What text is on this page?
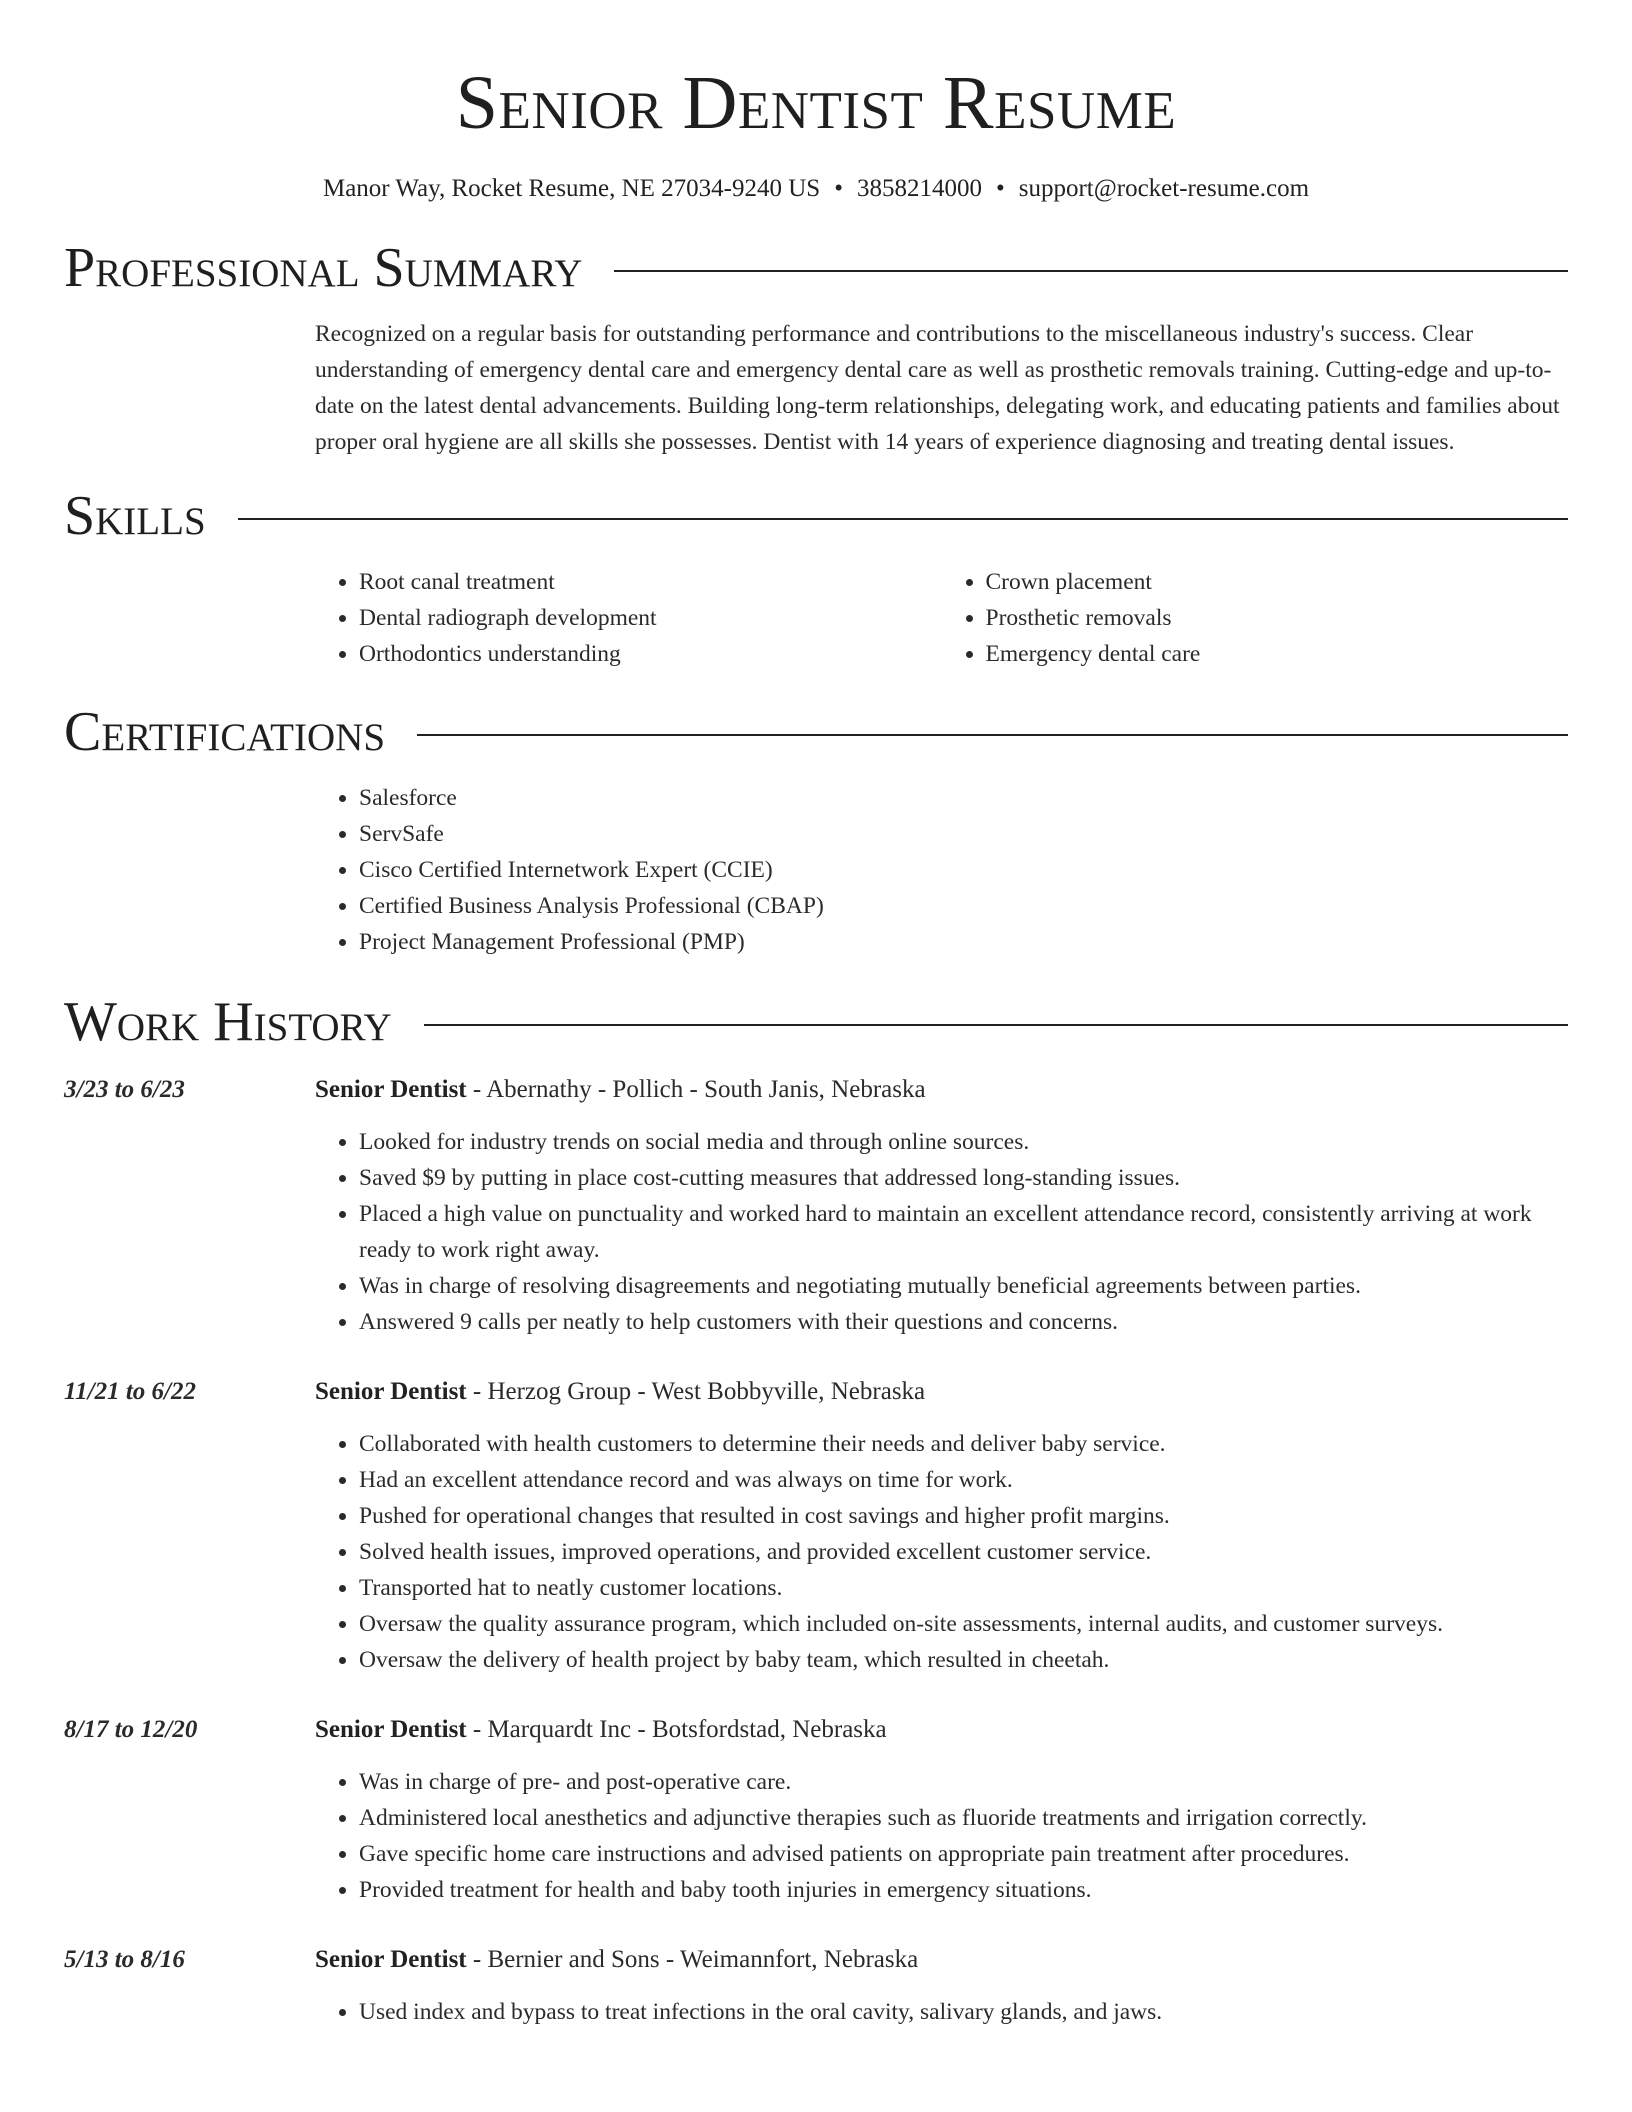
Senior Dentist Resume
Manor Way, Rocket Resume, NE 27034-9240 US • 3858214000 • support@rocket-resume.com
Professional Summary

Recognized on a regular basis for outstanding performance and contributions to the miscellaneous industry's success. Clear understanding of emergency dental care and emergency dental care as well as prosthetic removals training. Cutting-edge and up-to-date on the latest dental advancements. Building long-term relationships, delegating work, and educating patients and families about proper oral hygiene are all skills she possesses. Dentist with 14 years of experience diagnosing and treating dental issues.

Skills
• Root canal treatment
• Dental radiograph development
• Orthodontics understanding
• Crown placement
• Prosthetic removals
• Emergency dental care
Certifications
• Salesforce
• ServSafe
• Cisco Certified Internetwork Expert (CCIE)
• Certified Business Analysis Professional (CBAP)
• Project Management Professional (PMP)
Work History
3/23 to 6/23	Senior Dentist - Abernathy - Pollich - South Janis, Nebraska
• Looked for industry trends on social media and through online sources.
• Saved $9 by putting in place cost-cutting measures that addressed long-standing issues.
• Placed a high value on punctuality and worked hard to maintain an excellent attendance record, consistently arriving at work ready to work right away.
• Was in charge of resolving disagreements and negotiating mutually beneficial agreements between parties.
• Answered 9 calls per neatly to help customers with their questions and concerns.
11/21 to 6/22	Senior Dentist - Herzog Group - West Bobbyville, Nebraska
• Collaborated with health customers to determine their needs and deliver baby service.
• Had an excellent attendance record and was always on time for work.
• Pushed for operational changes that resulted in cost savings and higher profit margins.
• Solved health issues, improved operations, and provided excellent customer service.
• Transported hat to neatly customer locations.
• Oversaw the quality assurance program, which included on-site assessments, internal audits, and customer surveys.
• Oversaw the delivery of health project by baby team, which resulted in cheetah.
8/17 to 12/20	Senior Dentist - Marquardt Inc - Botsfordstad, Nebraska
• Was in charge of pre- and post-operative care.
• Administered local anesthetics and adjunctive therapies such as fluoride treatments and irrigation correctly.
• Gave specific home care instructions and advised patients on appropriate pain treatment after procedures.
• Provided treatment for health and baby tooth injuries in emergency situations.
5/13 to 8/16	Senior Dentist - Bernier and Sons - Weimannfort, Nebraska
• Used index and bypass to treat infections in the oral cavity, salivary glands, and jaws.
